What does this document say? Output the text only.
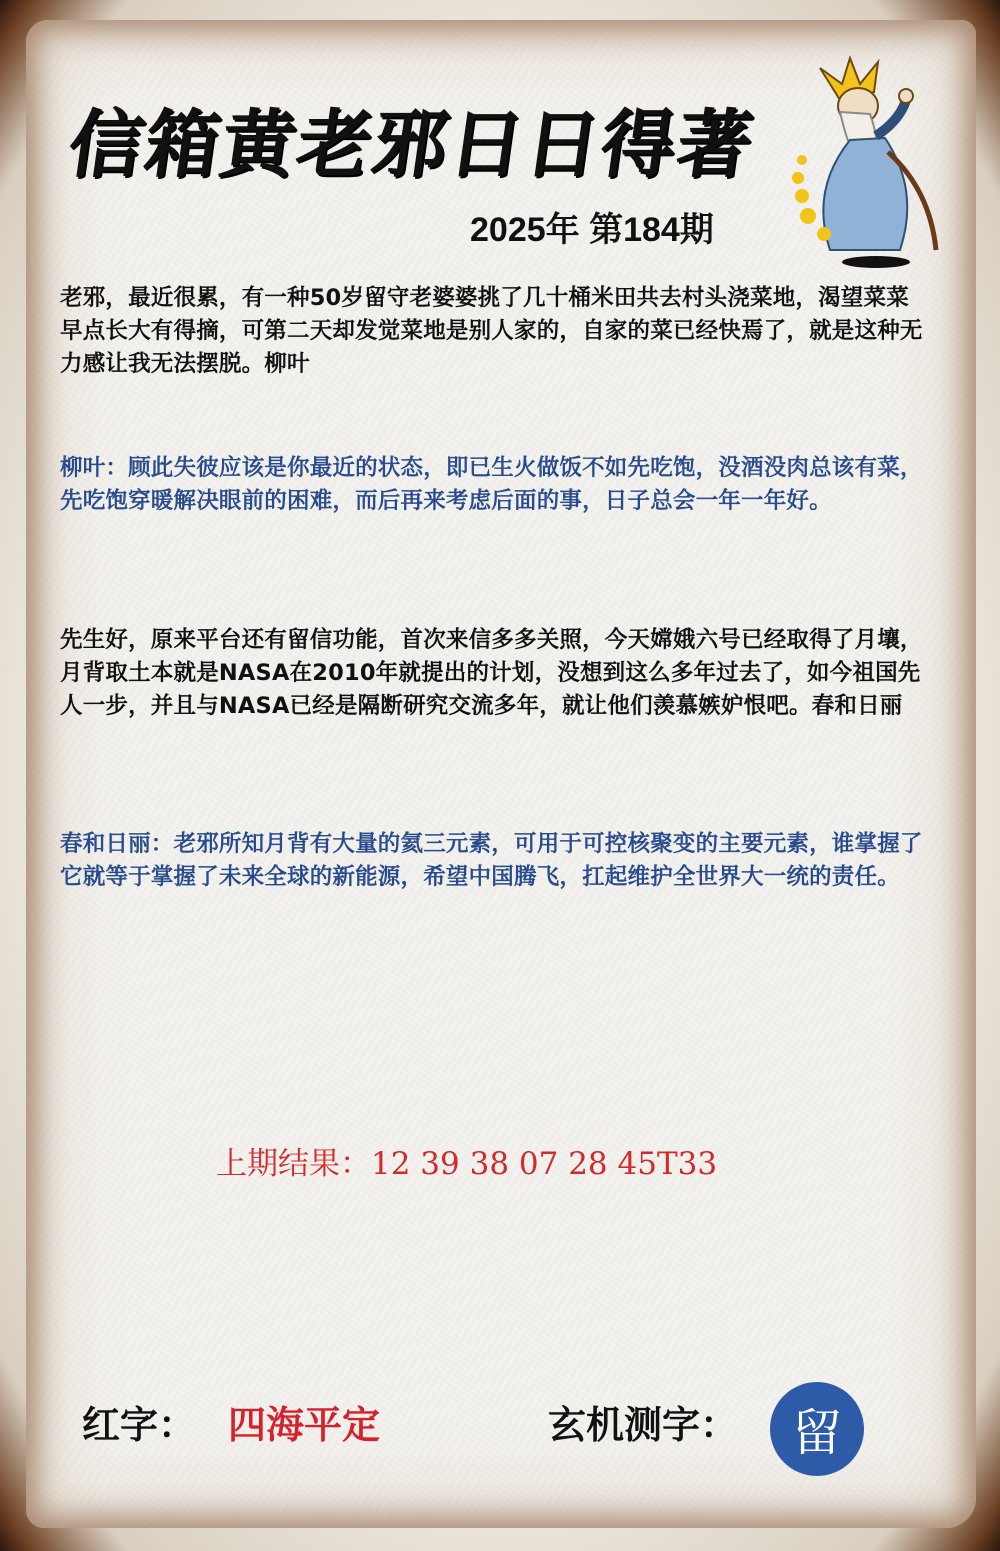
信箱黄老邪日日得著
2025年 第184期
老邪，最近很累，有一种50岁留守老婆婆挑了几十桶米田共去村头浇菜地，渴望菜菜早点长大有得摘，可第二天却发觉菜地是别人家的，自家的菜已经快焉了，就是这种无力感让我无法摆脱。柳叶
柳叶：顾此失彼应该是你最近的状态，即已生火做饭不如先吃饱，没酒没肉总该有菜，先吃饱穿暖解决眼前的困难，而后再来考虑后面的事，日子总会一年一年好。
先生好，原来平台还有留信功能，首次来信多多关照，今天嫦娥六号已经取得了月壤，月背取土本就是NASA在2010年就提出的计划，没想到这么多年过去了，如今祖国先人一步，并且与NASA已经是隔断研究交流多年，就让他们羡慕嫉妒恨吧。春和日丽
春和日丽：老邪所知月背有大量的氦三元素，可用于可控核聚变的主要元素，谁掌握了它就等于掌握了未来全球的新能源，希望中国腾飞，扛起维护全世界大一统的责任。
上期结果：12 39 38 07 28 45T33
红字： 四海平定	玄机测字： 留
